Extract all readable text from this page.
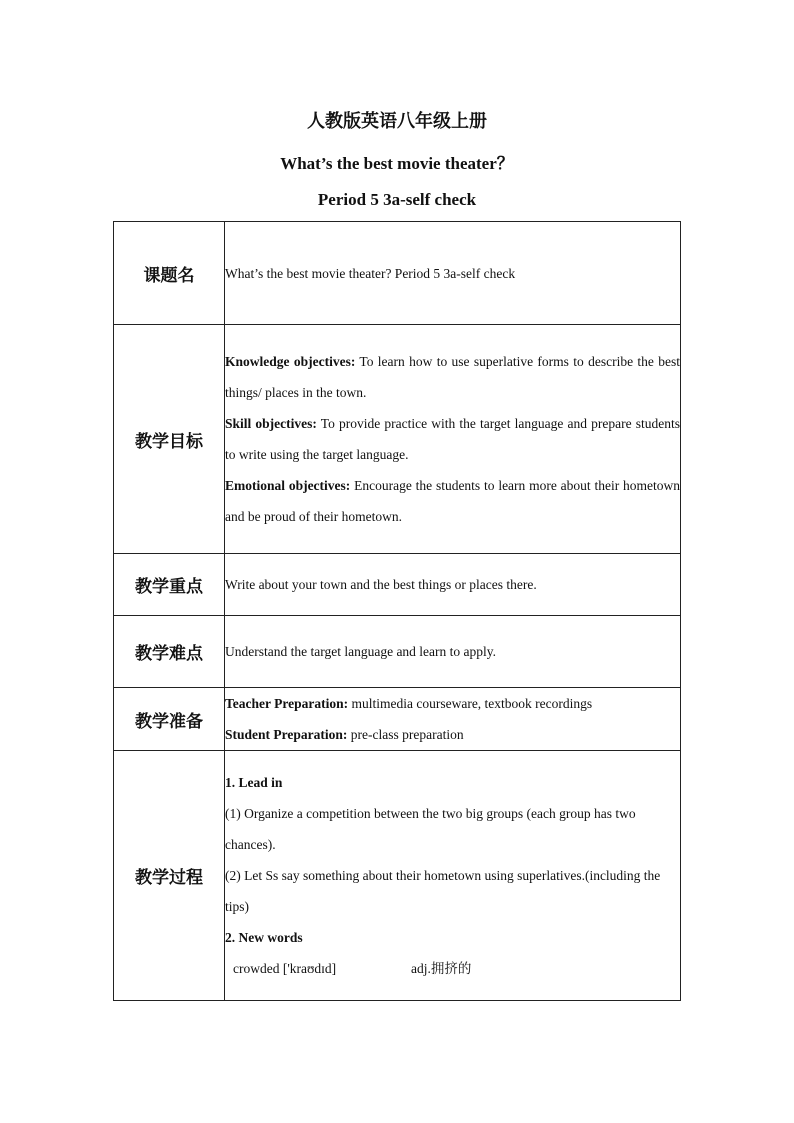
人教版英语八年级上册
What’s the best movie theater？
Period 5 3a-self check
课题名	What’s the best movie theater? Period 5 3a-self check
教学目标	Knowledge objectives: To learn how to use superlative forms to describe the best things/ places in the town.
Skill objectives: To provide practice with the target language and prepare students to write using the target language.
Emotional objectives: Encourage the students to learn more about their hometown and be proud of their hometown.

教学重点	Write about your town and the best things or places there.
教学难点	Understand the target language and learn to apply.
教学准备	Teacher Preparation: multimedia courseware, textbook recordings
Student Preparation: pre-class preparation

教学过程	1. Lead in
(1) Organize a competition between the two big groups (each group has two chances).
(2) Let Ss say something about their hometown using superlatives.(including the tips)
2. New words
crowded ['kraʊdɪd] adj.拥挤的
